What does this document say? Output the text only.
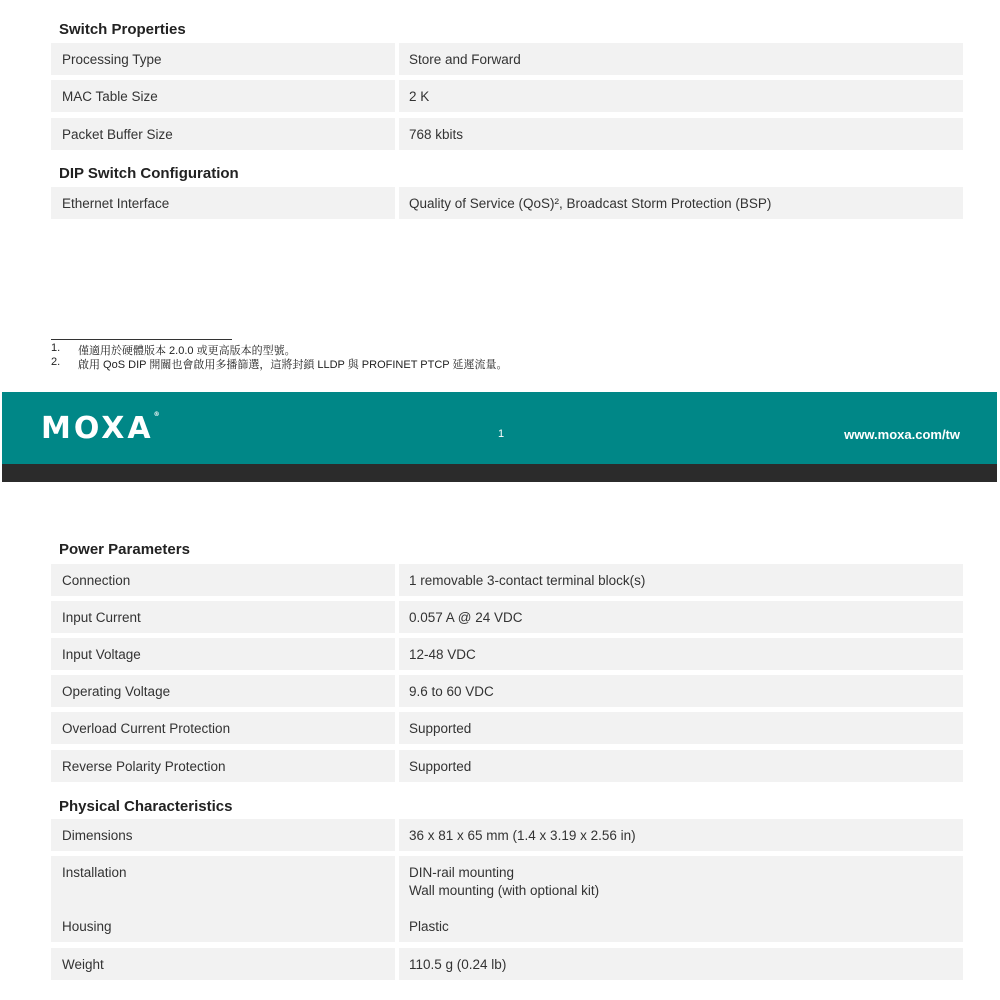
Switch Properties
Processing Type	Store and Forward
MAC Table Size	2 K
Packet Buffer Size	768 kbits
DIP Switch Configuration
Ethernet Interface	Quality of Service (QoS)², Broadcast Storm Protection (BSP)
1.	僅適用於硬體版本 2.0.0 或更高版本的型號。
2.	啟用 QoS DIP 開關也會啟用多播篩選，這將封鎖 LLDP 與 PROFINET PTCP 延遲流量。
MOXA®
1	www.moxa.com/tw
Power Parameters
Connection	1 removable 3-contact terminal block(s)
Input Current	0.057 A @ 24 VDC
Input Voltage	12-48 VDC
Operating Voltage	9.6 to 60 VDC
Overload Current Protection	Supported
Reverse Polarity Protection	Supported
Physical Characteristics
Dimensions	36 x 81 x 65 mm (1.4 x 3.19 x 2.56 in)
Installation	DIN-rail mounting
Wall mounting (with optional kit)
Housing	Plastic
Weight	110.5 g (0.24 lb)
